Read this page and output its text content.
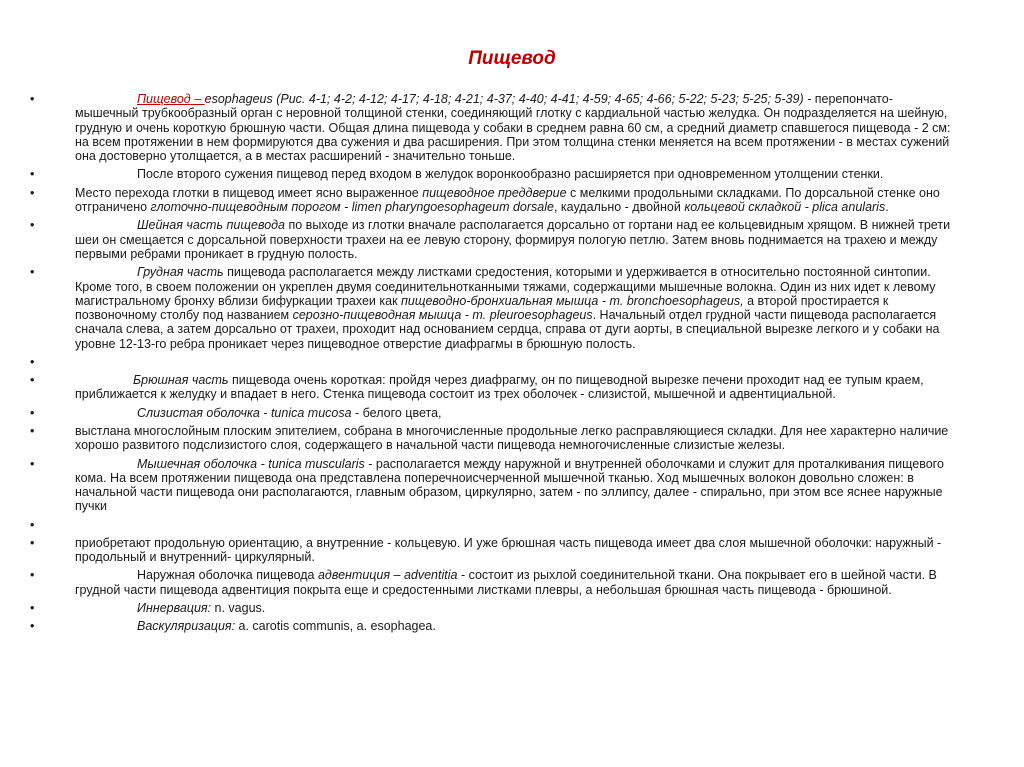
Пищевод
•	Пищевод – esophageus (Рис. 4-1; 4-2; 4-12; 4-17; 4-18; 4-21; 4-37; 4-40; 4-41; 4-59; 4-65; 4-66; 5-22; 5-23; 5-25; 5-39) - перепончато-мышечный трубкообразный орган с неровной толщиной стенки, соединяющий глотку с кардиальной частью желудка. Он подразделяется на шейную, грудную и очень короткую брюшную части. Общая длина пищевода у собаки в среднем равна 60 см, а средний диаметр спавшегося пищевода - 2 см: на всем протяжении в нем формируются два сужения и два расширения. При этом толщина стенки меняется на всем протяжении - в местах сужений она достоверно утолщается, а в местах расширений - значительно тоньше.
•	После второго сужения пищевод перед входом в желудок воронкообразно расширяется при одновременном утолщении стенки.
•	Место перехода глотки в пищевод имеет ясно выраженное пищеводное преддверие с мелкими продольными складками. По дорсальной стенке оно отграничено глоточно-пищеводным порогом - limen pharyngoesophageum dorsale, каудально - двойной кольцевой складкой - plica anularis.
•	Шейная часть пищевода по выходе из глотки вначале располагается дорсально от гортани над ее кольцевидным хрящом. В нижней трети шеи он смещается с дорсальной поверхности трахеи на ее левую сторону, формируя пологую петлю. Затем вновь поднимается на трахею и между первыми ребрами проникает в грудную полость.
•	Грудная часть пищевода располагается между листками средостения, которыми и удерживается в относительно постоянной синтопии. Кроме того, в своем положении он укреплен двумя соединительнотканными тяжами, содержащими мышечные волокна. Один из них идет к левому магистральному бронху вблизи бифуркации трахеи как пищеводно-бронхиальная мышца - m. bronchoesophageus, а второй простирается к позвоночному столбу под названием серозно-пищеводная мышца - m. pleuroesophageus. Начальный отдел грудной части пищевода располагается сначала слева, а затем дорсально от трахеи, проходит над основанием сердца, справа от дуги аорты, в специальной вырезке легкого и у собаки на уровне 12-13-го ребра проникает через пищеводное отверстие диафрагмы в брюшную полость.
•
•	Брюшная часть пищевода очень короткая: пройдя через диафрагму, он по пищеводной вырезке печени проходит над ее тупым краем, приближается к желудку и впадает в него. Стенка пищевода состоит из трех оболочек - слизистой, мышечной и адвентициальной.
•	Слизистая оболочка - tunica mucosa - белого цвета,
•	выстлана многослойным плоским эпителием, собрана в многочисленные продольные легко расправляющиеся складки. Для нее характерно наличие хорошо развитого подслизистого слоя, содержащего в начальной части пищевода немногочисленные слизистые железы.
•	Мышечная оболочка - tunica muscularis - располагается между наружной и внутренней оболочками и служит для проталкивания пищевого кома. На всем протяжении пищевода она представлена поперечноисчерченной мышечной тканью. Ход мышечных волокон довольно сложен: в начальной части пищевода они располагаются, главным образом, циркулярно, затем - по эллипсу, далее - спирально, при этом все яснее наружные пучки
•
•	приобретают продольную ориентацию, а внутренние - кольцевую. И уже брюшная часть пищевода имеет два слоя мышечной оболочки: наружный - продольный и внутренний- циркулярный.
•	Наружная оболочка пищевода адвентиция – adventitia - состоит из рыхлой соединительной ткани. Она покрывает его в шейной части. В грудной части пищевода адвентиция покрыта еще и средостенными листками плевры, а небольшая брюшная часть пищевода - брюшиной.
•	Иннервация: n. vagus.
•	Васкуляризация: a. carotis communis, a. esophagea.
